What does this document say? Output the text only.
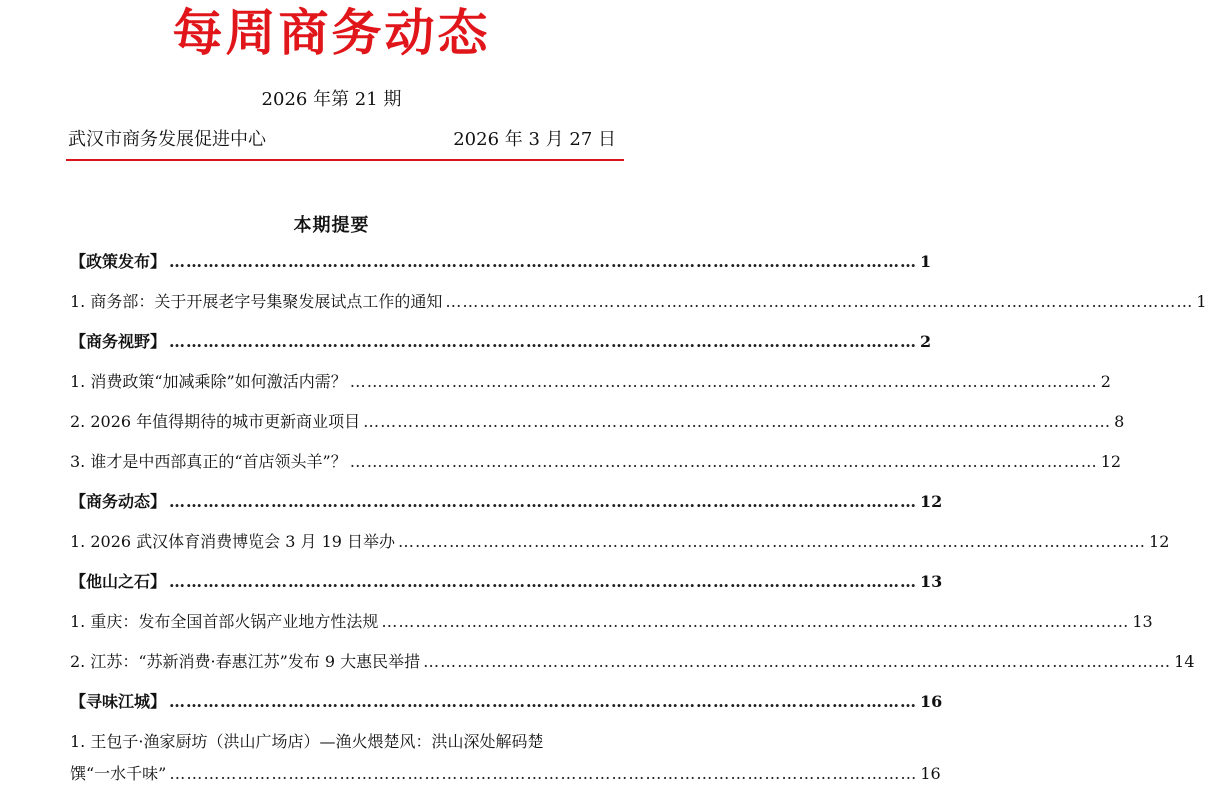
每周商务动态
2026 年第 21 期
武汉市商务发展促进中心	2026 年 3 月 27 日
本期提要
【政策发布】 …………………………………………………………………………………………………………………… 1
1. 商务部：关于开展老字号集聚发展试点工作的通知 …………………………………………………………………………………………………………………… 1
【商务视野】 …………………………………………………………………………………………………………………… 2
1. 消费政策“加减乘除”如何激活内需？ …………………………………………………………………………………………………………………… 2
2. 2026 年值得期待的城市更新商业项目 …………………………………………………………………………………………………………………… 8
3. 谁才是中西部真正的“首店领头羊”？ …………………………………………………………………………………………………………………… 12
【商务动态】 …………………………………………………………………………………………………………………… 12
1. 2026 武汉体育消费博览会 3 月 19 日举办 …………………………………………………………………………………………………………………… 12
【他山之石】 …………………………………………………………………………………………………………………… 13
1. 重庆：发布全国首部火锅产业地方性法规 …………………………………………………………………………………………………………………… 13
2. 江苏：“苏新消费·春惠江苏”发布 9 大惠民举措 …………………………………………………………………………………………………………………… 14
【寻味江城】 …………………………………………………………………………………………………………………… 16
1. 王包子·渔家厨坊（洪山广场店）—渔火煨楚风：洪山深处解码楚
馔“一水千味” …………………………………………………………………………………………………………………… 16
